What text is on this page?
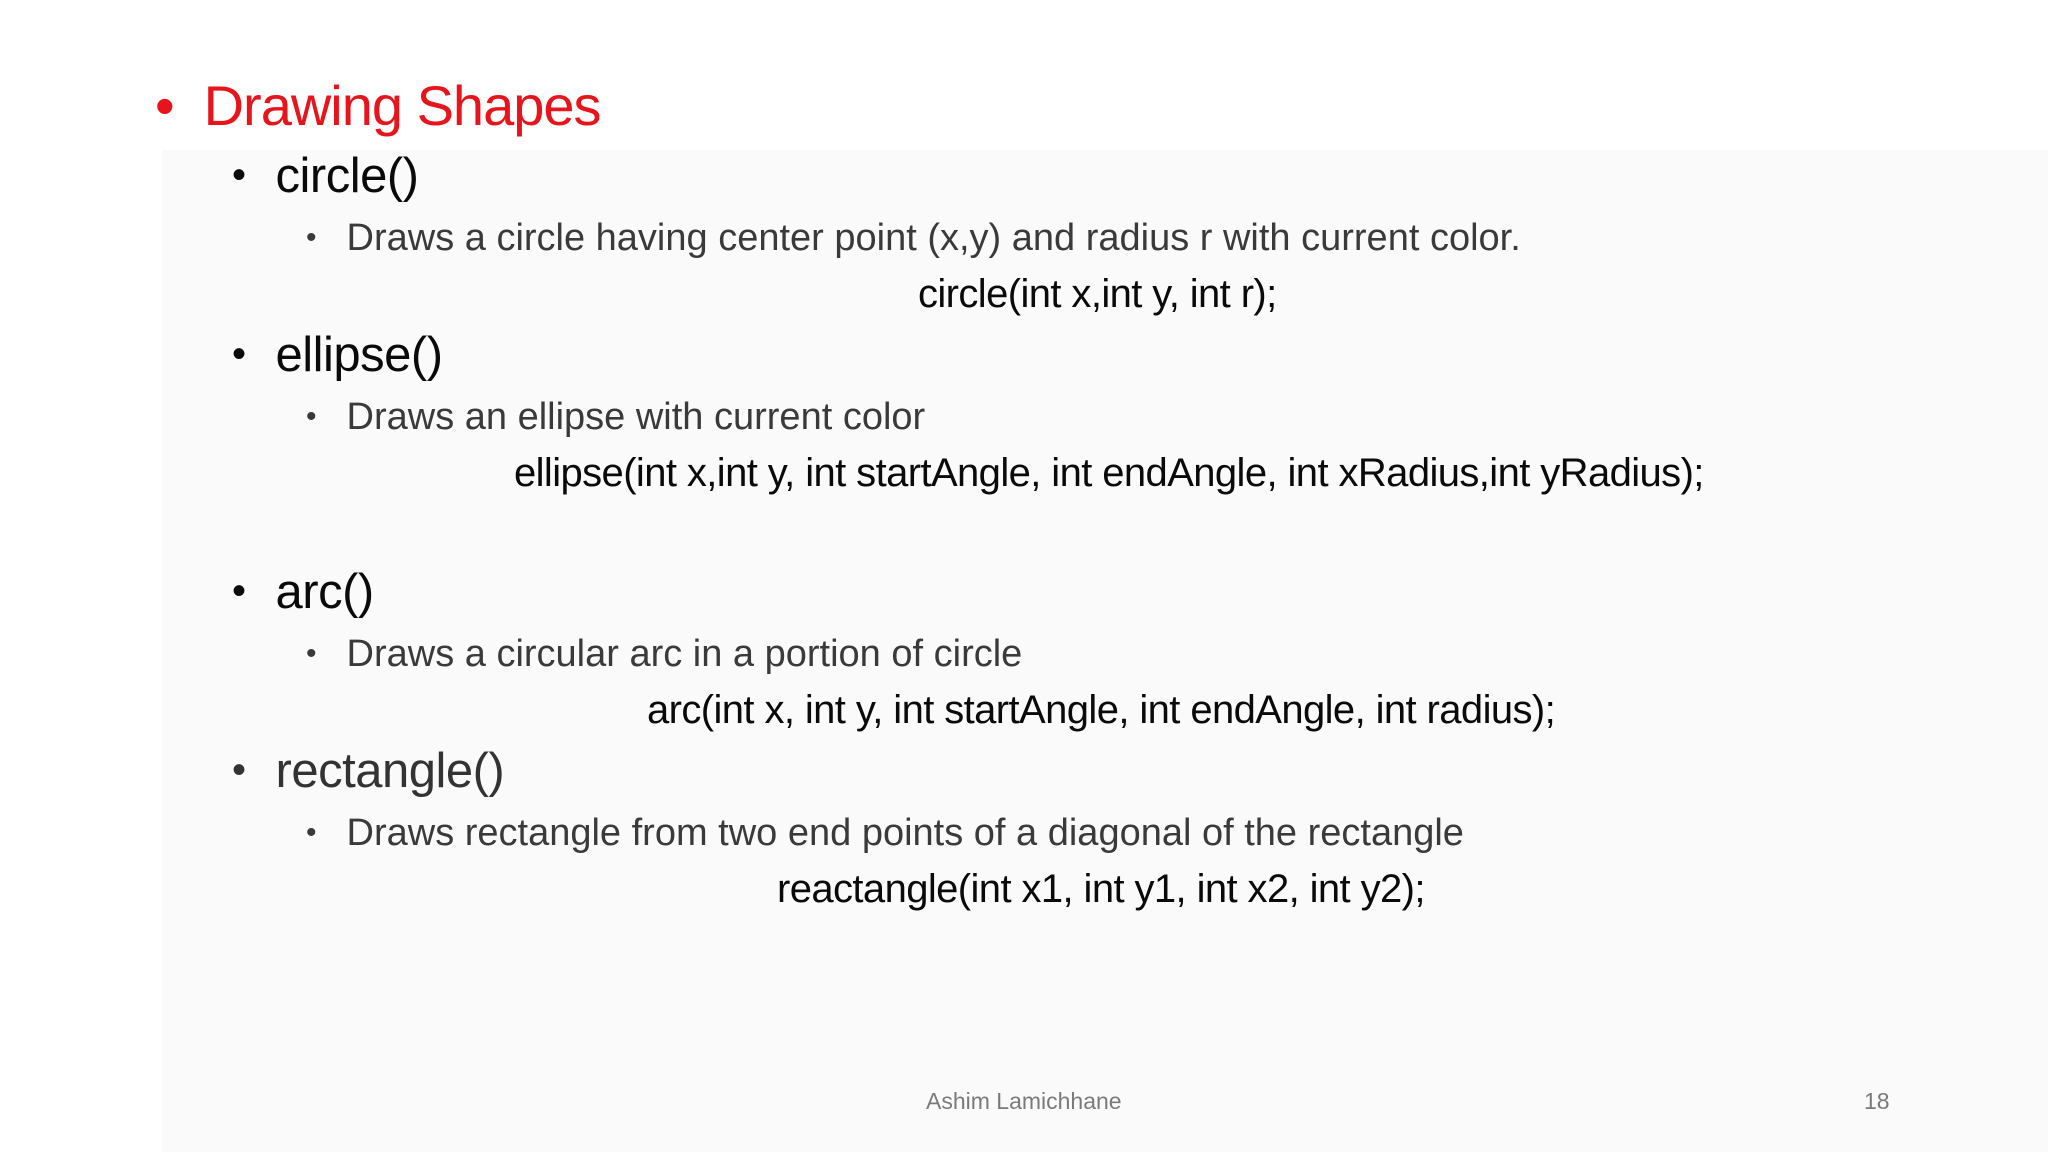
• Drawing Shapes
• circle()
• Draws a circle having center point (x,y) and radius r with current color.
circle(int x,int y, int r);
• ellipse()
• Draws an ellipse with current color
ellipse(int x,int y, int startAngle, int endAngle, int xRadius,int yRadius);
• arc()
• Draws a circular arc in a portion of circle
arc(int x, int y, int startAngle, int endAngle, int radius);
• rectangle()
• Draws rectangle from two end points of a diagonal of the rectangle
reactangle(int x1, int y1, int x2, int y2);
Ashim Lamichhane	18
